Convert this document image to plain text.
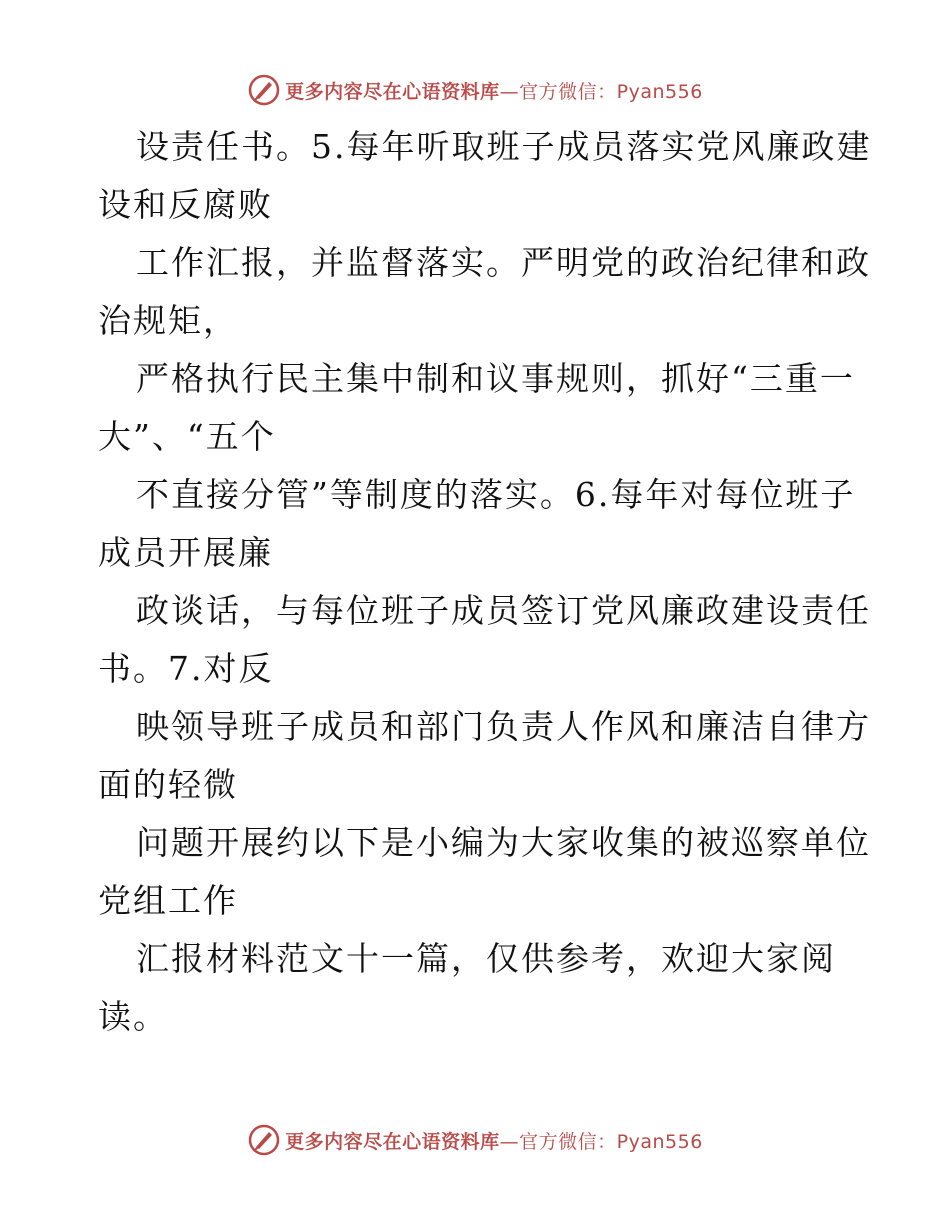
更多内容尽在心语资料库—官方微信：Pyan556

设责任书。5.每年听取班子成员落实党风廉政建
设和反腐败
工作汇报，并监督落实。严明党的政治纪律和政
治规矩，
严格执行民主集中制和议事规则，抓好“三重一
大”、“五个
不直接分管”等制度的落实。6.每年对每位班子
成员开展廉
政谈话，与每位班子成员签订党风廉政建设责任
书。7.对反
映领导班子成员和部门负责人作风和廉洁自律方
面的轻微
问题开展约以下是小编为大家收集的被巡察单位
党组工作
汇报材料范文十一篇，仅供参考，欢迎大家阅
读。

更多内容尽在心语资料库—官方微信：Pyan556
